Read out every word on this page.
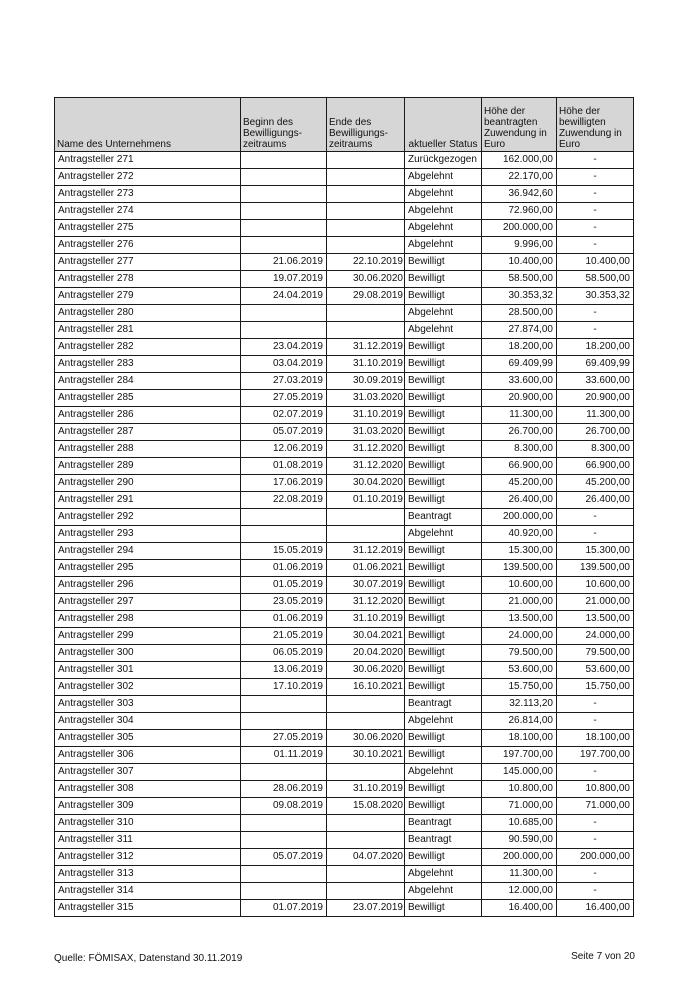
Name des Unternehmens	Beginn des Bewilligungs-zeitraums	Ende des Bewilligungs-zeitraums	aktueller Status	Höhe der beantragten Zuwendung in Euro	Höhe der bewilligten Zuwendung in Euro
Antragsteller 271			Zurückgezogen	162.000,00	-
Antragsteller 272			Abgelehnt	22.170,00	-
Antragsteller 273			Abgelehnt	36.942,60	-
Antragsteller 274			Abgelehnt	72.960,00	-
Antragsteller 275			Abgelehnt	200.000,00	-
Antragsteller 276			Abgelehnt	9.996,00	-
Antragsteller 277	21.06.2019	22.10.2019	Bewilligt	10.400,00	10.400,00
Antragsteller 278	19.07.2019	30.06.2020	Bewilligt	58.500,00	58.500,00
Antragsteller 279	24.04.2019	29.08.2019	Bewilligt	30.353,32	30.353,32
Antragsteller 280			Abgelehnt	28.500,00	-
Antragsteller 281			Abgelehnt	27.874,00	-
Antragsteller 282	23.04.2019	31.12.2019	Bewilligt	18.200,00	18.200,00
Antragsteller 283	03.04.2019	31.10.2019	Bewilligt	69.409,99	69.409,99
Antragsteller 284	27.03.2019	30.09.2019	Bewilligt	33.600,00	33.600,00
Antragsteller 285	27.05.2019	31.03.2020	Bewilligt	20.900,00	20.900,00
Antragsteller 286	02.07.2019	31.10.2019	Bewilligt	11.300,00	11.300,00
Antragsteller 287	05.07.2019	31.03.2020	Bewilligt	26.700,00	26.700,00
Antragsteller 288	12.06.2019	31.12.2020	Bewilligt	8.300,00	8.300,00
Antragsteller 289	01.08.2019	31.12.2020	Bewilligt	66.900,00	66.900,00
Antragsteller 290	17.06.2019	30.04.2020	Bewilligt	45.200,00	45.200,00
Antragsteller 291	22.08.2019	01.10.2019	Bewilligt	26.400,00	26.400,00
Antragsteller 292			Beantragt	200.000,00	-
Antragsteller 293			Abgelehnt	40.920,00	-
Antragsteller 294	15.05.2019	31.12.2019	Bewilligt	15.300,00	15.300,00
Antragsteller 295	01.06.2019	01.06.2021	Bewilligt	139.500,00	139.500,00
Antragsteller 296	01.05.2019	30.07.2019	Bewilligt	10.600,00	10.600,00
Antragsteller 297	23.05.2019	31.12.2020	Bewilligt	21.000,00	21.000,00
Antragsteller 298	01.06.2019	31.10.2019	Bewilligt	13.500,00	13.500,00
Antragsteller 299	21.05.2019	30.04.2021	Bewilligt	24.000,00	24.000,00
Antragsteller 300	06.05.2019	20.04.2020	Bewilligt	79.500,00	79.500,00
Antragsteller 301	13.06.2019	30.06.2020	Bewilligt	53.600,00	53.600,00
Antragsteller 302	17.10.2019	16.10.2021	Bewilligt	15.750,00	15.750,00
Antragsteller 303			Beantragt	32.113,20	-
Antragsteller 304			Abgelehnt	26.814,00	-
Antragsteller 305	27.05.2019	30.06.2020	Bewilligt	18.100,00	18.100,00
Antragsteller 306	01.11.2019	30.10.2021	Bewilligt	197.700,00	197.700,00
Antragsteller 307			Abgelehnt	145.000,00	-
Antragsteller 308	28.06.2019	31.10.2019	Bewilligt	10.800,00	10.800,00
Antragsteller 309	09.08.2019	15.08.2020	Bewilligt	71.000,00	71.000,00
Antragsteller 310			Beantragt	10.685,00	-
Antragsteller 311			Beantragt	90.590,00	-
Antragsteller 312	05.07.2019	04.07.2020	Bewilligt	200.000,00	200.000,00
Antragsteller 313			Abgelehnt	11.300,00	-
Antragsteller 314			Abgelehnt	12.000,00	-
Antragsteller 315	01.07.2019	23.07.2019	Bewilligt	16.400,00	16.400,00
Quelle: FÖMISAX, Datenstand 30.11.2019	Seite 7 von 20
